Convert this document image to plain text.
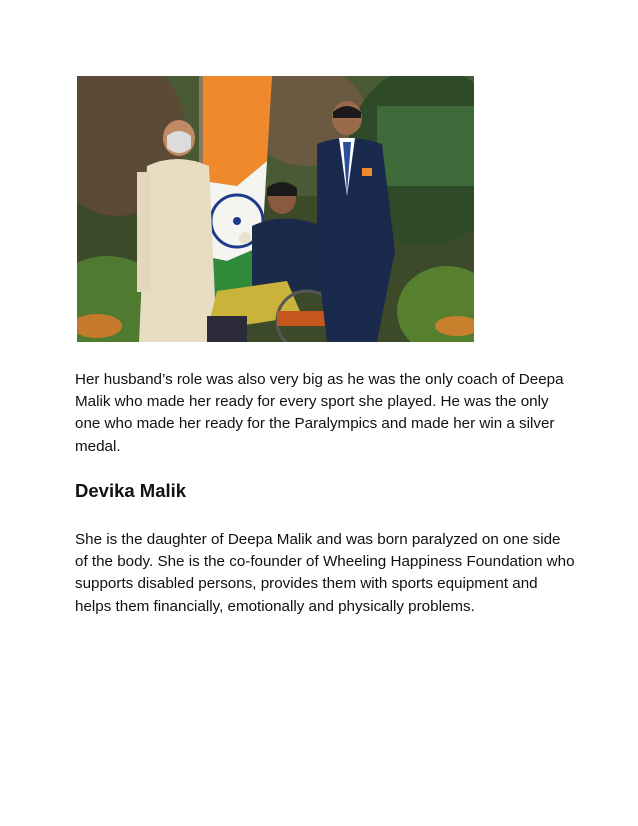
Her husband’s role was also very big as he was the only coach of Deepa Malik who made her ready for every sport she played. He was the only one who made her ready for the Paralympics and made her win a silver medal.

Devika Malik

She is the daughter of Deepa Malik and was born paralyzed on one side of the body. She is the co-founder of Wheeling Happiness Foundation who supports disabled persons, provides them with sports equipment and helps them financially, emotionally and physically problems.
